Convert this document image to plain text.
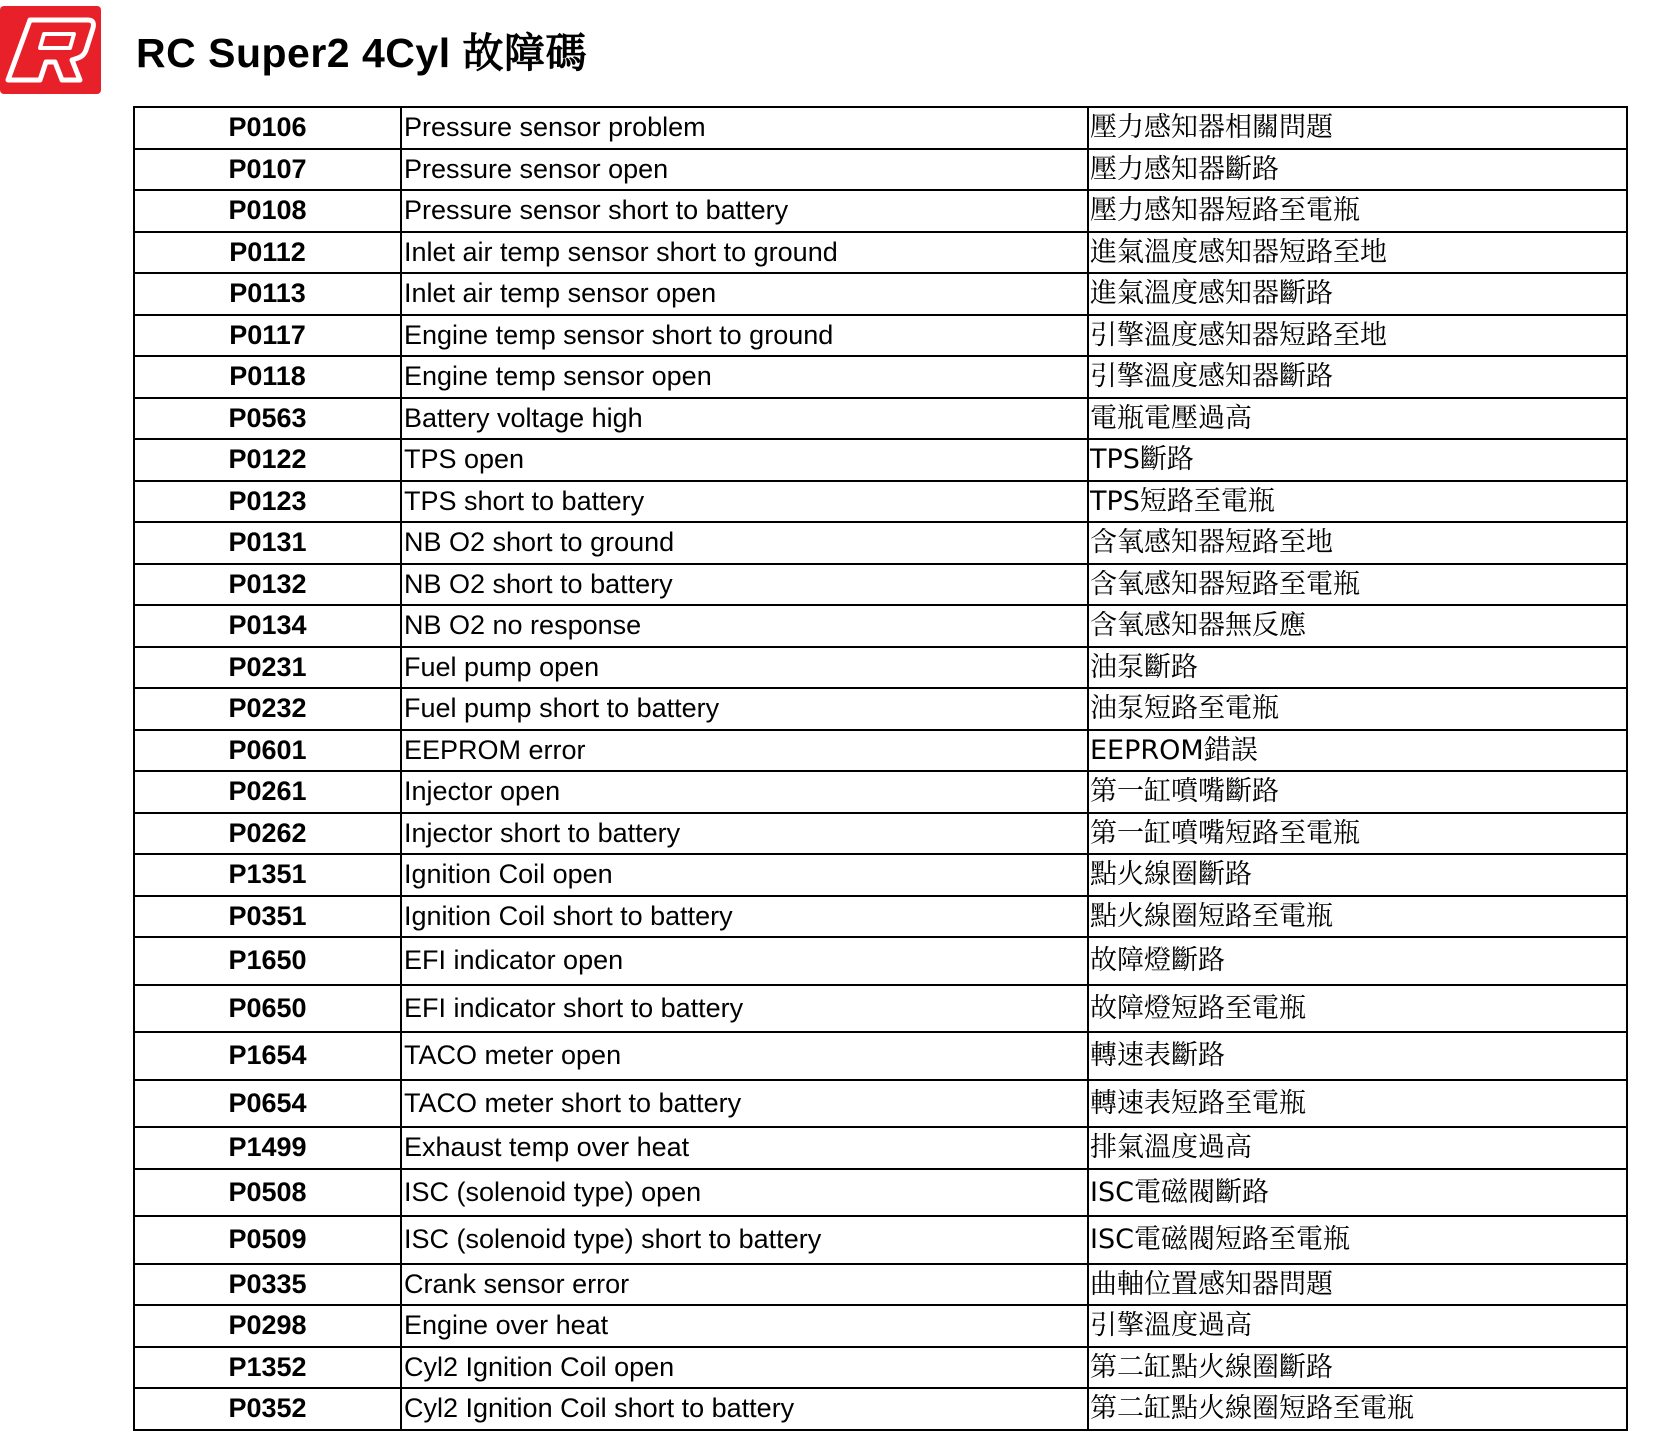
RC Super2 4Cyl 故障碼
P0106	Pressure sensor problem	壓力感知器相關問題
P0107	Pressure sensor open	壓力感知器斷路
P0108	Pressure sensor short to battery	壓力感知器短路至電瓶
P0112	Inlet air temp sensor short to ground	進氣溫度感知器短路至地
P0113	Inlet air temp sensor open	進氣溫度感知器斷路
P0117	Engine temp sensor short to ground	引擎溫度感知器短路至地
P0118	Engine temp sensor open	引擎溫度感知器斷路
P0563	Battery voltage high	電瓶電壓過高
P0122	TPS open	TPS斷路
P0123	TPS short to battery	TPS短路至電瓶
P0131	NB O2 short to ground	含氧感知器短路至地
P0132	NB O2 short to battery	含氧感知器短路至電瓶
P0134	NB O2 no response	含氧感知器無反應
P0231	Fuel pump open	油泵斷路
P0232	Fuel pump short to battery	油泵短路至電瓶
P0601	EEPROM error	EEPROM錯誤
P0261	Injector open	第一缸噴嘴斷路
P0262	Injector short to battery	第一缸噴嘴短路至電瓶
P1351	Ignition Coil open	點火線圈斷路
P0351	Ignition Coil short to battery	點火線圈短路至電瓶
P1650	EFI indicator open	故障燈斷路
P0650	EFI indicator short to battery	故障燈短路至電瓶
P1654	TACO meter open	轉速表斷路
P0654	TACO meter short to battery	轉速表短路至電瓶
P1499	Exhaust temp over heat	排氣溫度過高
P0508	ISC (solenoid type) open	ISC電磁閥斷路
P0509	ISC (solenoid type) short to battery	ISC電磁閥短路至電瓶
P0335	Crank sensor error	曲軸位置感知器問題
P0298	Engine over heat	引擎溫度過高
P1352	Cyl2 Ignition Coil open	第二缸點火線圈斷路
P0352	Cyl2 Ignition Coil short to battery	第二缸點火線圈短路至電瓶
